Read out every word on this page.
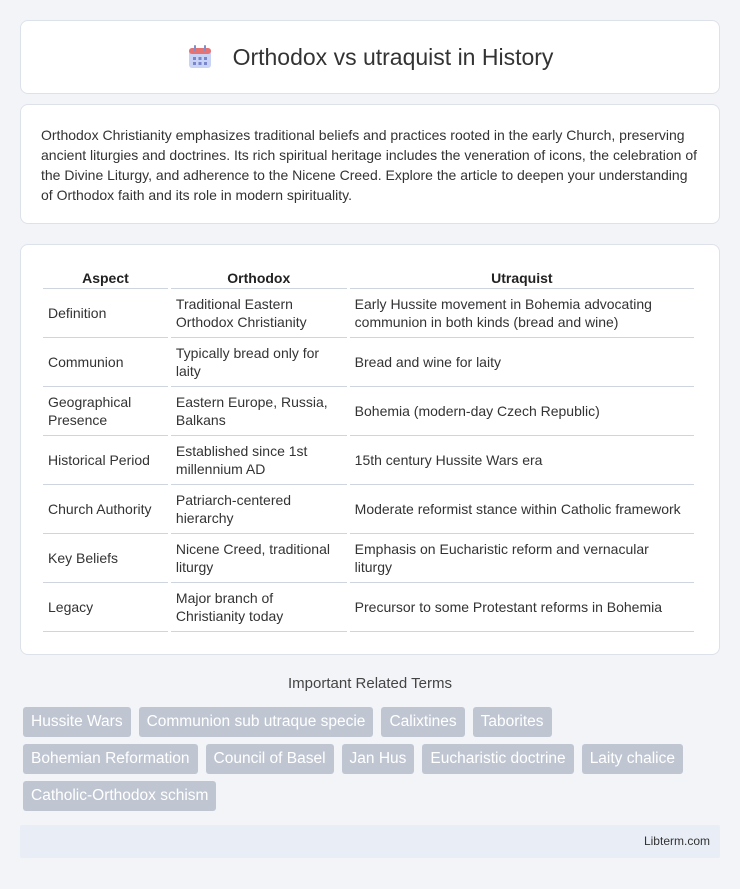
Orthodox vs utraquist in History

Orthodox Christianity emphasizes traditional beliefs and practices rooted in the early Church, preserving ancient liturgies and doctrines. Its rich spiritual heritage includes the veneration of icons, the celebration of the Divine Liturgy, and adherence to the Nicene Creed. Explore the article to deepen your understanding of Orthodox faith and its role in modern spirituality.

Aspect	Orthodox	Utraquist
Definition	Traditional Eastern Orthodox Christianity	Early Hussite movement in Bohemia advocating communion in both kinds (bread and wine)
Communion	Typically bread only for laity	Bread and wine for laity
Geographical Presence	Eastern Europe, Russia, Balkans	Bohemia (modern-day Czech Republic)
Historical Period	Established since 1st millennium AD	15th century Hussite Wars era
Church Authority	Patriarch-centered hierarchy	Moderate reformist stance within Catholic framework
Key Beliefs	Nicene Creed, traditional liturgy	Emphasis on Eucharistic reform and vernacular liturgy
Legacy	Major branch of Christianity today	Precursor to some Protestant reforms in Bohemia
Important Related Terms
Hussite Wars	Communion sub utraque specie	Calixtines	Taborites
Bohemian Reformation	Council of Basel	Jan Hus	Eucharistic doctrine	Laity chalice
Catholic-Orthodox schism
Libterm.com
